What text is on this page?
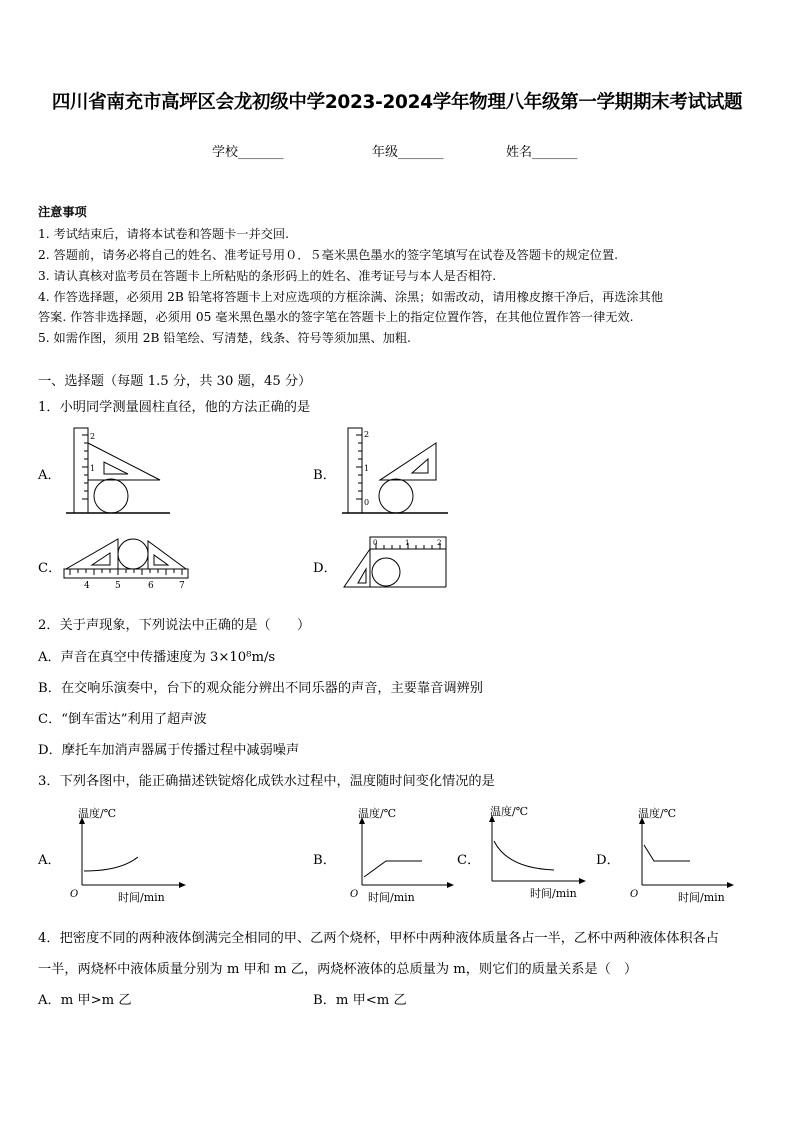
四川省南充市高坪区会龙初级中学2023-2024学年物理八年级第一学期期末考试试题
学校_______	年级_______	姓名_______
注意事项
1. 考试结束后，请将本试卷和答题卡一并交回.
2. 答题前，请务必将自己的姓名、准考证号用０．５毫米黑色墨水的签字笔填写在试卷及答题卡的规定位置.
3. 请认真核对监考员在答题卡上所粘贴的条形码上的姓名、准考证号与本人是否相符.
4. 作答选择题，必须用 2B 铅笔将答题卡上对应选项的方框涂满、涂黑；如需改动，请用橡皮擦干净后，再选涂其他
答案. 作答非选择题，必须用 05 毫米黑色墨水的签字笔在答题卡上的指定位置作答，在其他位置作答一律无效.
5. 如需作图，须用 2B 铅笔绘、写清楚，线条、符号等须加黑、加粗.
一、选择题（每题 1.5 分，共 30 题，45 分）
1．小明同学测量圆柱直径，他的方法正确的是
A．	B．
C．	D．
2
1
2
1
0
4	5	6	7
0	1	2
2．关于声现象，下列说法中正确的是（　　）
A．声音在真空中传播速度为 3×10⁸m/s
B．在交响乐演奏中，台下的观众能分辨出不同乐器的声音，主要靠音调辨别
C．“倒车雷达”利用了超声波
D．摩托车加消声器属于传播过程中减弱噪声
3．下列各图中，能正确描述铁锭熔化成铁水过程中，温度随时间变化情况的是
A．	B．	C．	D．
温度/℃
O	时间/min
温度/℃
O 时间/min
温度/℃
时间/min
温度/℃
O	时间/min
4．把密度不同的两种液体倒满完全相同的甲、乙两个烧杯，甲杯中两种液体质量各占一半，乙杯中两种液体体积各占
一半，两烧杯中液体质量分别为 m 甲和 m 乙，两烧杯液体的总质量为 m，则它们的质量关系是（　）
A．m 甲>m 乙	B．m 甲<m 乙
